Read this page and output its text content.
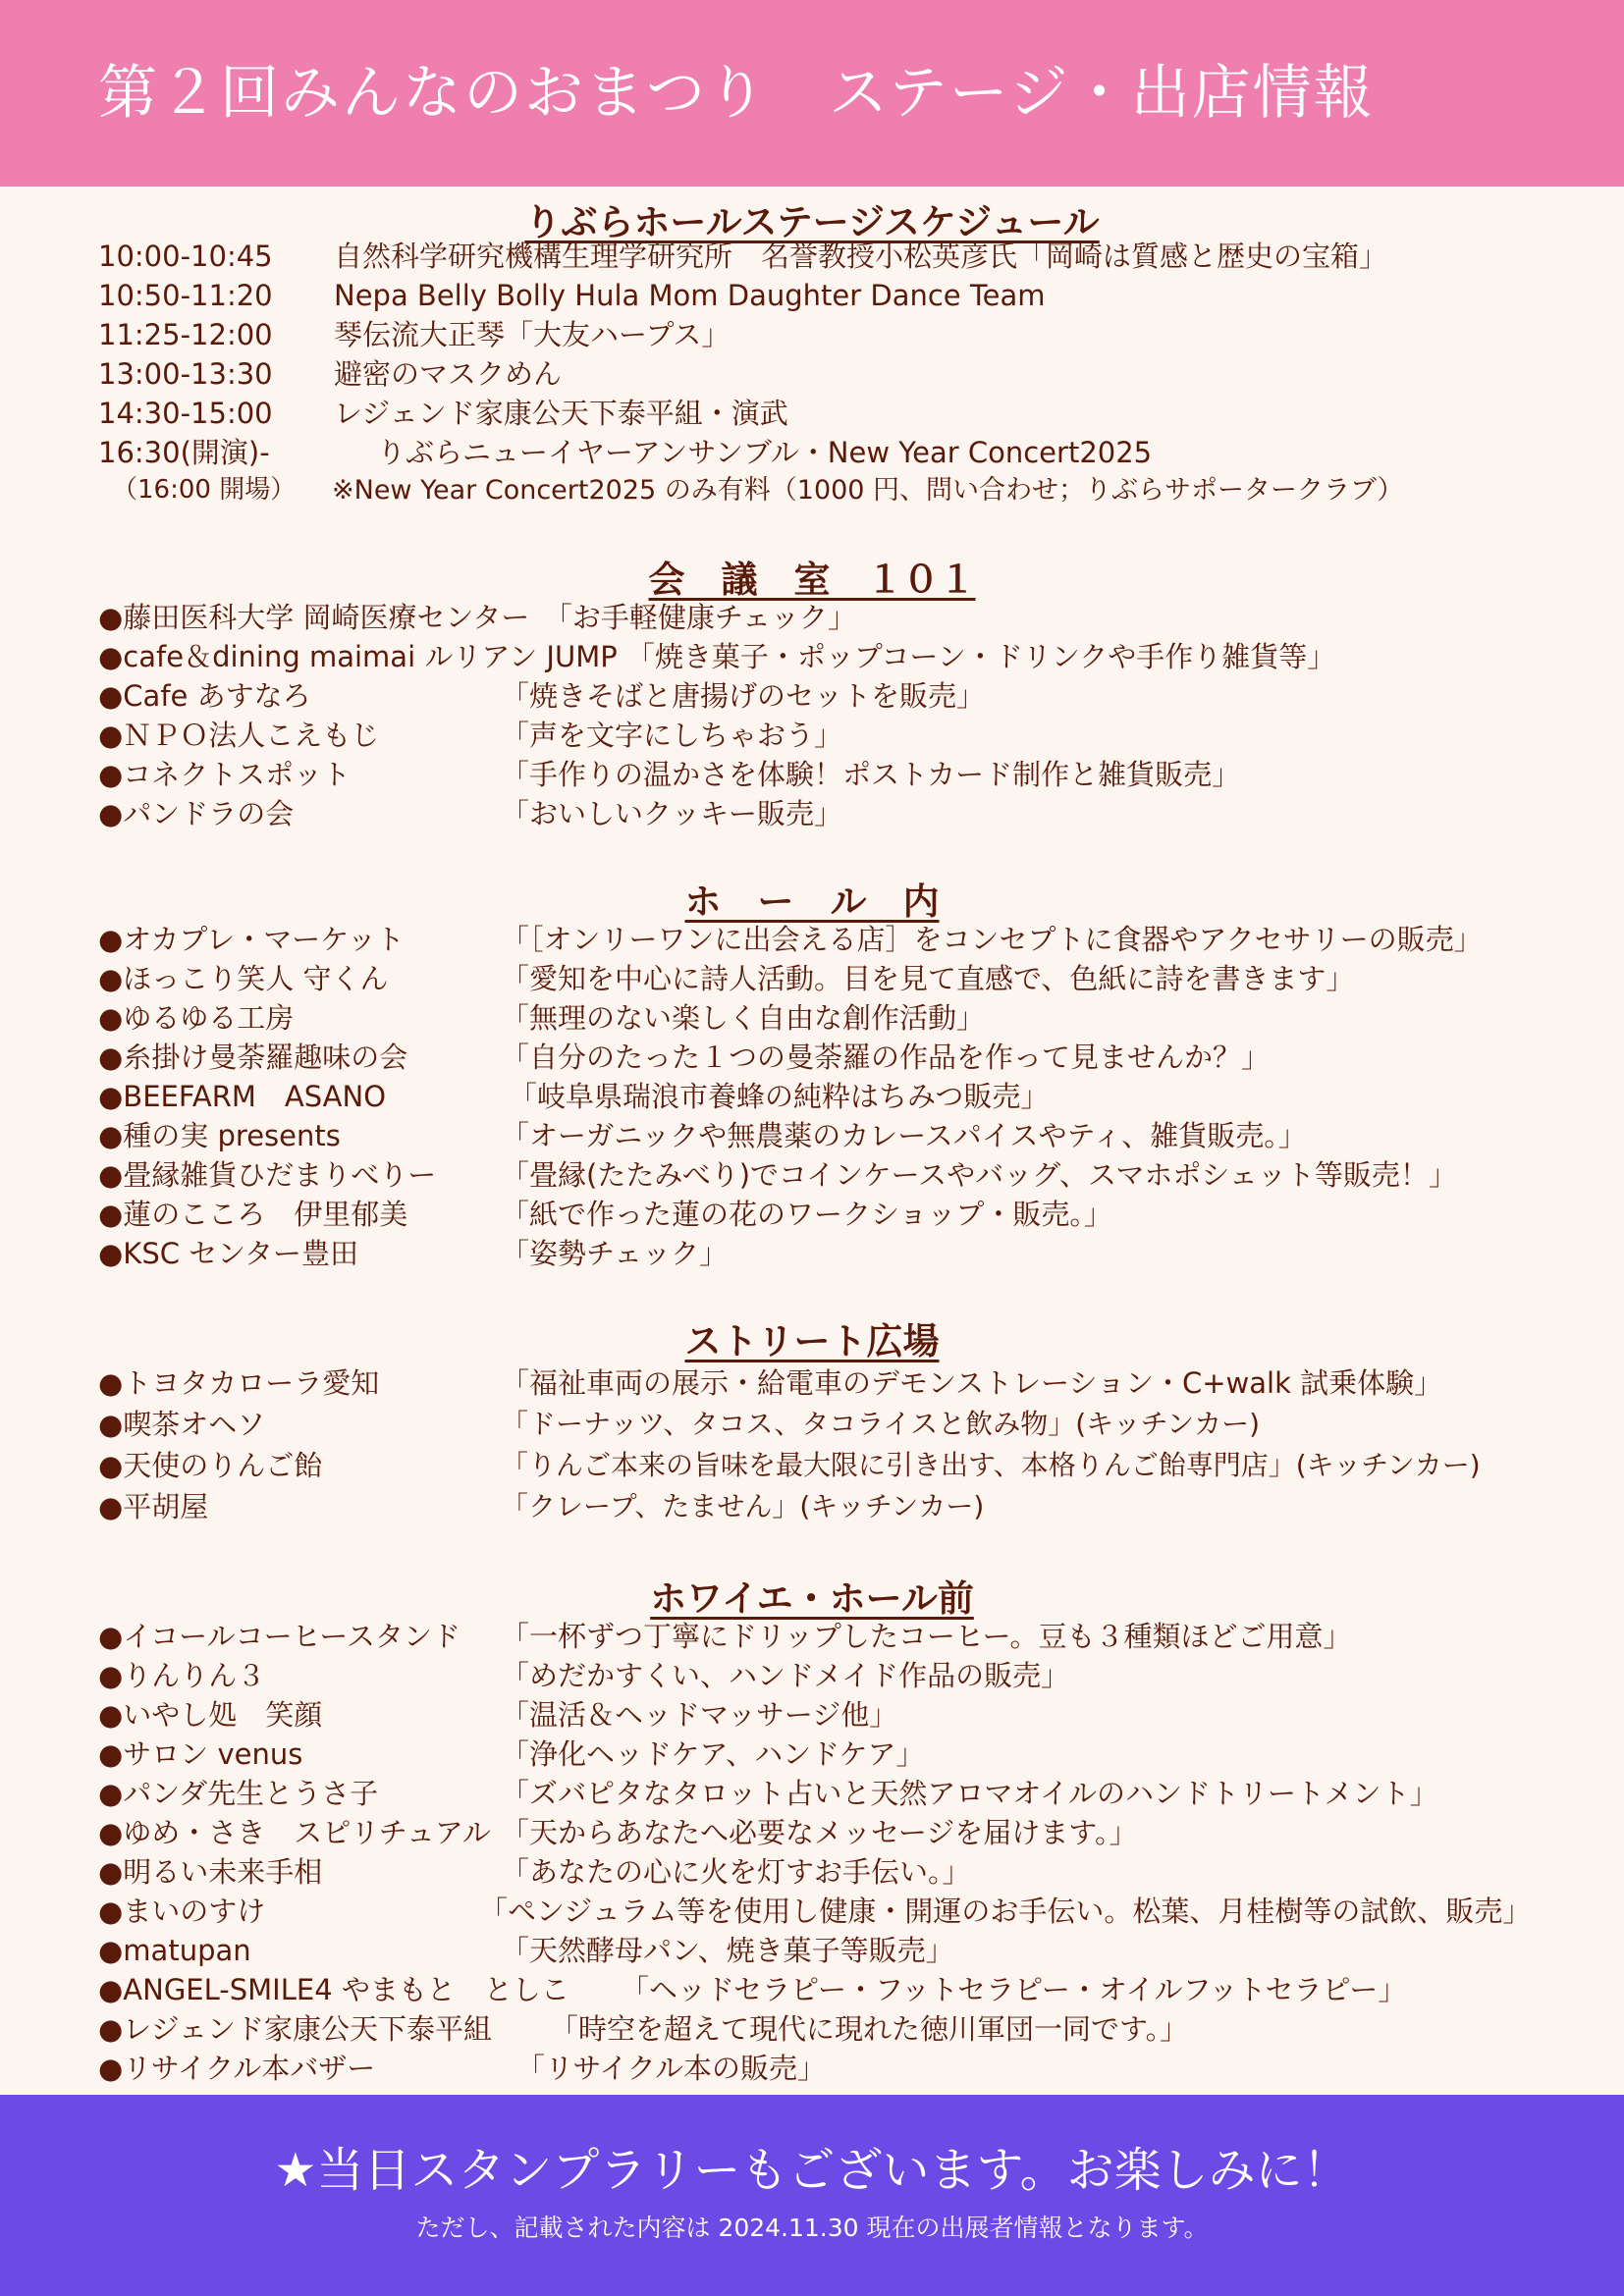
第２回みんなのおまつり　ステージ・出店情報
りぶらホールステージスケジュール
10:00-10:45 自然科学研究機構生理学研究所　名誉教授小松英彦氏「岡崎は質感と歴史の宝箱」
10:50-11:20 Nepa Belly Bolly Hula Mom Daughter Dance Team
11:25-12:00 琴伝流大正琴「大友ハープス」
13:00-13:30 避密のマスクめん
14:30-15:00 レジェンド家康公天下泰平組・演武
16:30(開演)-	りぶらニューイヤーアンサンブル・New Year Concert2025
（16:00 開場） ※New Year Concert2025 のみ有料（1000 円、問い合わせ；りぶらサポータークラブ）
会　議　室　１０１
●藤田医科大学 岡崎医療センター　「お手軽健康チェック」
●cafe＆dining maimai ルリアン JUMP 「焼き菓子・ポップコーン・ドリンクや手作り雑貨等」
●Cafe あすなろ	「焼きそばと唐揚げのセットを販売」
●ＮＰＯ法人こえもじ	「声を文字にしちゃおう」
●コネクトスポット	「手作りの温かさを体験！ポストカード制作と雑貨販売」
●パンドラの会	「おいしいクッキー販売」
ホ　ー　ル　内
●オカプレ・マーケット	「［オンリーワンに出会える店］をコンセプトに食器やアクセサリーの販売」
●ほっこり笑人 守くん	「愛知を中心に詩人活動。目を見て直感で、色紙に詩を書きます」
●ゆるゆる工房	「無理のない楽しく自由な創作活動」
●糸掛け曼荼羅趣味の会	「自分のたった１つの曼荼羅の作品を作って見ませんか？」
●BEEFARM　ASANO	「岐阜県瑞浪市養蜂の純粋はちみつ販売」
●種の実 presents	「オーガニックや無農薬のカレースパイスやティ、雑貨販売。」
●畳縁雑貨ひだまりべりー 「畳縁(たたみべり)でコインケースやバッグ、スマホポシェット等販売！」
●蓮のこころ　伊里郁美	「紙で作った蓮の花のワークショップ・販売。」
●KSC センター豊田	「姿勢チェック」
ストリート広場
●トヨタカローラ愛知	「福祉車両の展示・給電車のデモンストレーション・C+walk 試乗体験」
●喫茶オヘソ	「ドーナッツ、タコス、タコライスと飲み物」(キッチンカー)
●天使のりんご飴	「りんご本来の旨味を最大限に引き出す、本格りんご飴専門店」(キッチンカー)
●平胡屋	「クレープ、たません」(キッチンカー)
ホワイエ・ホール前
●イコールコーヒースタンド 「一杯ずつ丁寧にドリップしたコーヒー。豆も３種類ほどご用意」
●りんりん３	「めだかすくい、ハンドメイド作品の販売」
●いやし処　笑顔	「温活＆ヘッドマッサージ他」
●サロン venus	「浄化ヘッドケア、ハンドケア」
●パンダ先生とうさ子	「ズバピタなタロット占いと天然アロマオイルのハンドトリートメント」
●ゆめ・さき　スピリチュアル 「天からあなたへ必要なメッセージを届けます。」
●明るい未来手相	「あなたの心に火を灯すお手伝い。」
●まいのすけ	「ペンジュラム等を使用し健康・開運のお手伝い。松葉、月桂樹等の試飲、販売」
●matupan	「天然酵母パン、焼き菓子等販売」
●ANGEL-SMILE4 やまもと　としこ 「ヘッドセラピー・フットセラピー・オイルフットセラピー」
●レジェンド家康公天下泰平組 「時空を超えて現代に現れた徳川軍団一同です。」
●リサイクル本バザー	「リサイクル本の販売」
★当日スタンプラリーもございます。お楽しみに！
ただし、記載された内容は 2024.11.30 現在の出展者情報となります。
